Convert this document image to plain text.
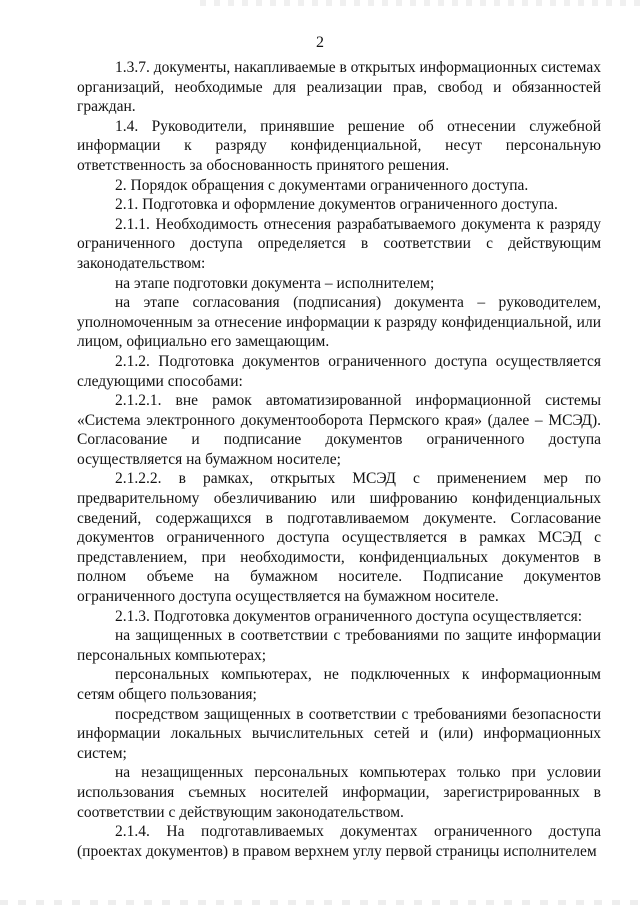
2

1.3.7. документы, накапливаемые в открытых информационных системах организаций, необходимые для реализации прав, свобод и обязанностей граждан.

1.4. Руководители, принявшие решение об отнесении служебной информации к разряду конфиденциальной, несут персональную ответственность за обоснованность принятого решения.

2. Порядок обращения с документами ограниченного доступа.

2.1. Подготовка и оформление документов ограниченного доступа.

2.1.1. Необходимость отнесения разрабатываемого документа к разряду ограниченного доступа определяется в соответствии с действующим законодательством:

на этапе подготовки документа – исполнителем;

на этапе согласования (подписания) документа – руководителем, уполномоченным за отнесение информации к разряду конфиденциальной, или лицом, официально его замещающим.

2.1.2. Подготовка документов ограниченного доступа осуществляется следующими способами:

2.1.2.1. вне рамок автоматизированной информационной системы «Система электронного документооборота Пермского края» (далее – МСЭД). Согласование и подписание документов ограниченного доступа осуществляется на бумажном носителе;

2.1.2.2. в рамках, открытых МСЭД с применением мер по предварительному обезличиванию или шифрованию конфиденциальных сведений, содержащихся в подготавливаемом документе. Согласование документов ограниченного доступа осуществляется в рамках МСЭД с представлением, при необходимости, конфиденциальных документов в полном объеме на бумажном носителе. Подписание документов ограниченного доступа осуществляется на бумажном носителе.

2.1.3. Подготовка документов ограниченного доступа осуществляется:

на защищенных в соответствии с требованиями по защите информации персональных компьютерах;

персональных компьютерах, не подключенных к информационным сетям общего пользования;

посредством защищенных в соответствии с требованиями безопасности информации локальных вычислительных сетей и (или) информационных систем;

на незащищенных персональных компьютерах только при условии использования съемных носителей информации, зарегистрированных в соответствии с действующим законодательством.

2.1.4. На подготавливаемых документах ограниченного доступа (проектах документов) в правом верхнем углу первой страницы исполнителем
